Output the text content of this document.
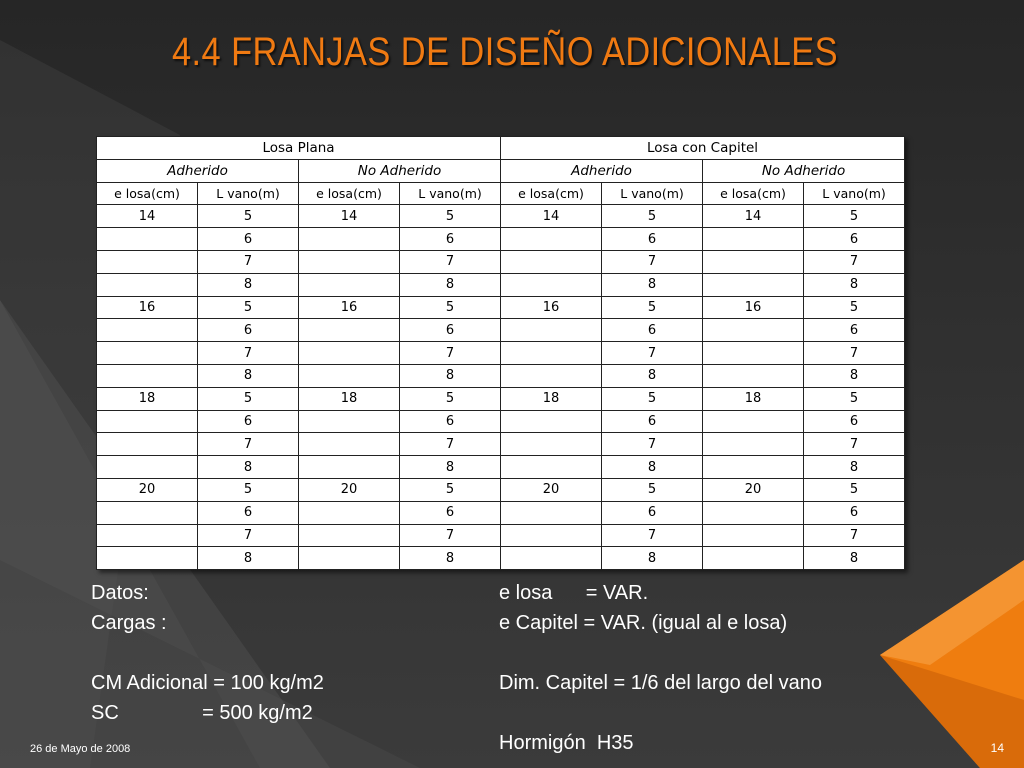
4.4 FRANJAS DE DISEÑO ADICIONALES
Losa Plana				Losa con Capitel			
Adherido		No Adherido		Adherido		No Adherido	
e losa(cm)	L vano(m)	e losa(cm)	L vano(m)	e losa(cm)	L vano(m)	e losa(cm)	L vano(m)
14	5	14	5	14	5	14	5
	6		6		6		6
	7		7		7		7
	8		8		8		8
16	5	16	5	16	5	16	5
	6		6		6		6
	7		7		7		7
	8		8		8		8
18	5	18	5	18	5	18	5
	6		6		6		6
	7		7		7		7
	8		8		8		8
20	5	20	5	20	5	20	5
	6		6		6		6
	7		7		7		7
	8		8		8		8
Datos:
Cargas :
CM Adicional = 100 kg/m2
SC               = 500 kg/m2
e losa      = VAR.
e Capitel = VAR. (igual al e losa)
Dim. Capitel = 1/6 del largo del vano
Hormigón  H35
26 de Mayo de 2008	14
